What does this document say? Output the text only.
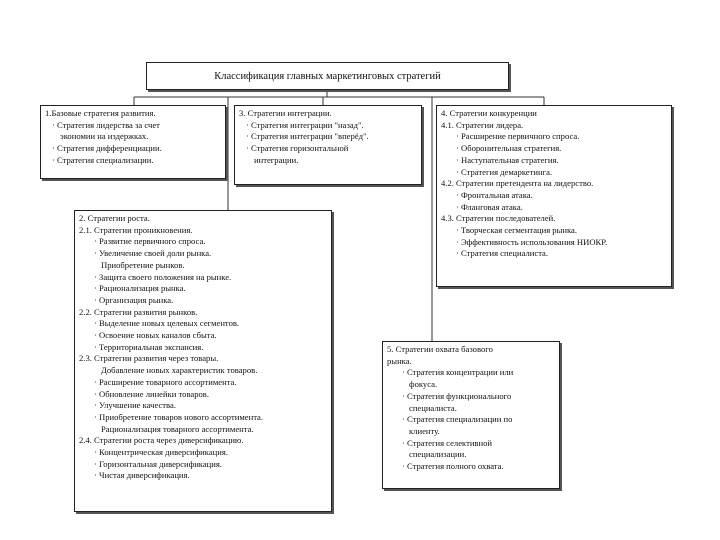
Классификация главных маркетинговых стратегий
1.Базовые стратегия развития.
· Стратегия лидерства за счет
экономии на издержках.
· Стратегия дифференциации.
· Стратегия специализации.
3. Стратегии интеграции.
· Стратегия интеграции "назад".
· Стратегия интеграции "вперёд".
· Стратегия горизонтальной
интеграции.
4. Стратегии конкуренции
4.1. Стратегии лидера.
· Расширение первичного спроса.
· Оборонительная стратегия.
· Наступательная стратегия.
· Стратегия демаркетинга.
4.2. Стратегии претендента на лидерство.
· Фронтальная атака.
· Фланговая атака.
4.3. Стратегии последователей.
· Творческая сегментация рынка.
· Эффективность использования НИОКР.
· Стратегия специалиста.
2. Стратегии роста.
2.1. Стратегии проникновения.
· Развитие первичного спроса.
· Увеличение своей доли рынка.
Приобретение рынков.
· Защита своего положения на рынке.
· Рационализация рынка.
· Организация рынка.
2.2. Стратегии развития рынков.
· Выделение новых целевых сегментов.
· Освоение новых каналов сбыта.
· Территориальная экспансия.
2.3. Стратегии развития через товары.
Добавление новых характеристик товаров.
· Расширение товарного ассортимента.
· Обновление линейки товаров.
· Улучшение качества.
· Приобретение товаров нового ассортимента.
Рационализация товарного ассортимента.
2.4. Стратегии роста через диверсификацию.
· Концентрическая диверсификация.
· Горизонтальная диверсификация.
· Чистая диверсификация.
5. Стратегии охвата базового
рынка.
· Стратегия концентрации или
фокуса.
· Стратегия функционального
специалиста.
· Стратегия специализации по
клиенту.
· Стратегия селективной
специализации.
· Стратегия полного охвата.
